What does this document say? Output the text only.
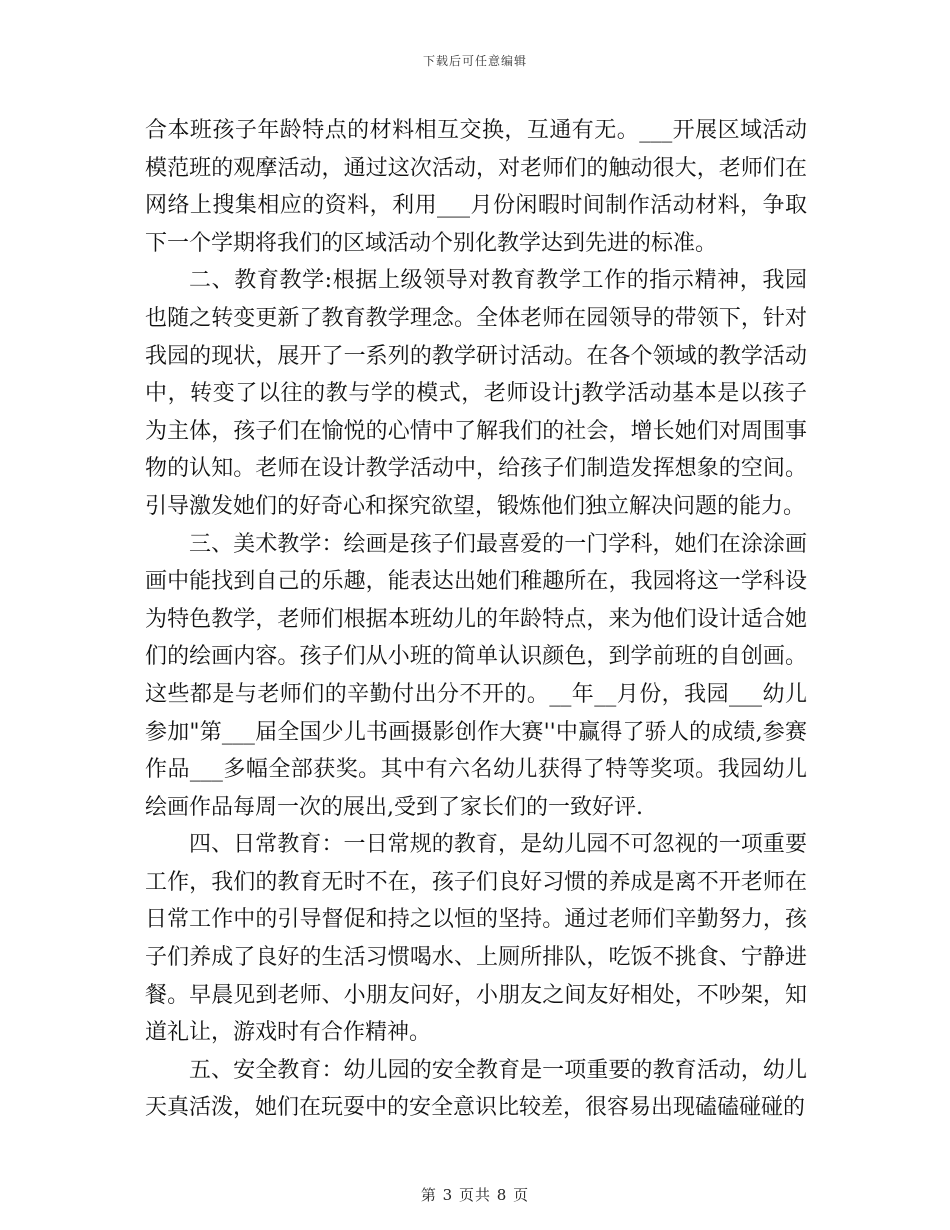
下载后可任意编辑

合本班孩子年龄特点的材料相互交换，互通有无。___开展区域活动模范班的观摩活动，通过这次活动，对老师们的触动很大，老师们在网络上搜集相应的资料，利用___月份闲暇时间制作活动材料，争取下一个学期将我们的区域活动个别化教学达到先进的标准。

二、教育教学:根据上级领导对教育教学工作的指示精神，我园也随之转变更新了教育教学理念。全体老师在园领导的带领下，针对我园的现状，展开了一系列的教学研讨活动。在各个领域的教学活动中，转变了以往的教与学的模式，老师设计j教学活动基本是以孩子为主体，孩子们在愉悦的心情中了解我们的社会，增长她们对周围事物的认知。老师在设计教学活动中，给孩子们制造发挥想象的空间。引导激发她们的好奇心和探究欲望，锻炼他们独立解决问题的能力。

三、美术教学：绘画是孩子们最喜爱的一门学科，她们在涂涂画画中能找到自己的乐趣，能表达出她们稚趣所在，我园将这一学科设为特色教学，老师们根据本班幼儿的年龄特点，来为他们设计适合她们的绘画内容。孩子们从小班的简单认识颜色，到学前班的自创画。这些都是与老师们的辛勤付出分不开的。__年__月份，我园___幼儿参加"第___届全国少儿书画摄影创作大赛''中赢得了骄人的成绩,参赛作品___多幅全部获奖。其中有六名幼儿获得了特等奖项。我园幼儿绘画作品每周一次的展出,受到了家长们的一致好评.

四、日常教育：一日常规的教育，是幼儿园不可忽视的一项重要工作，我们的教育无时不在，孩子们良好习惯的养成是离不开老师在日常工作中的引导督促和持之以恒的坚持。通过老师们辛勤努力，孩子们养成了良好的生活习惯喝水、上厕所排队，吃饭不挑食、宁静进餐。早晨见到老师、小朋友问好，小朋友之间友好相处，不吵架，知道礼让，游戏时有合作精神。

五、安全教育：幼儿园的安全教育是一项重要的教育活动，幼儿天真活泼，她们在玩耍中的安全意识比较差，很容易出现磕磕碰碰的

第 3 页共 8 页
